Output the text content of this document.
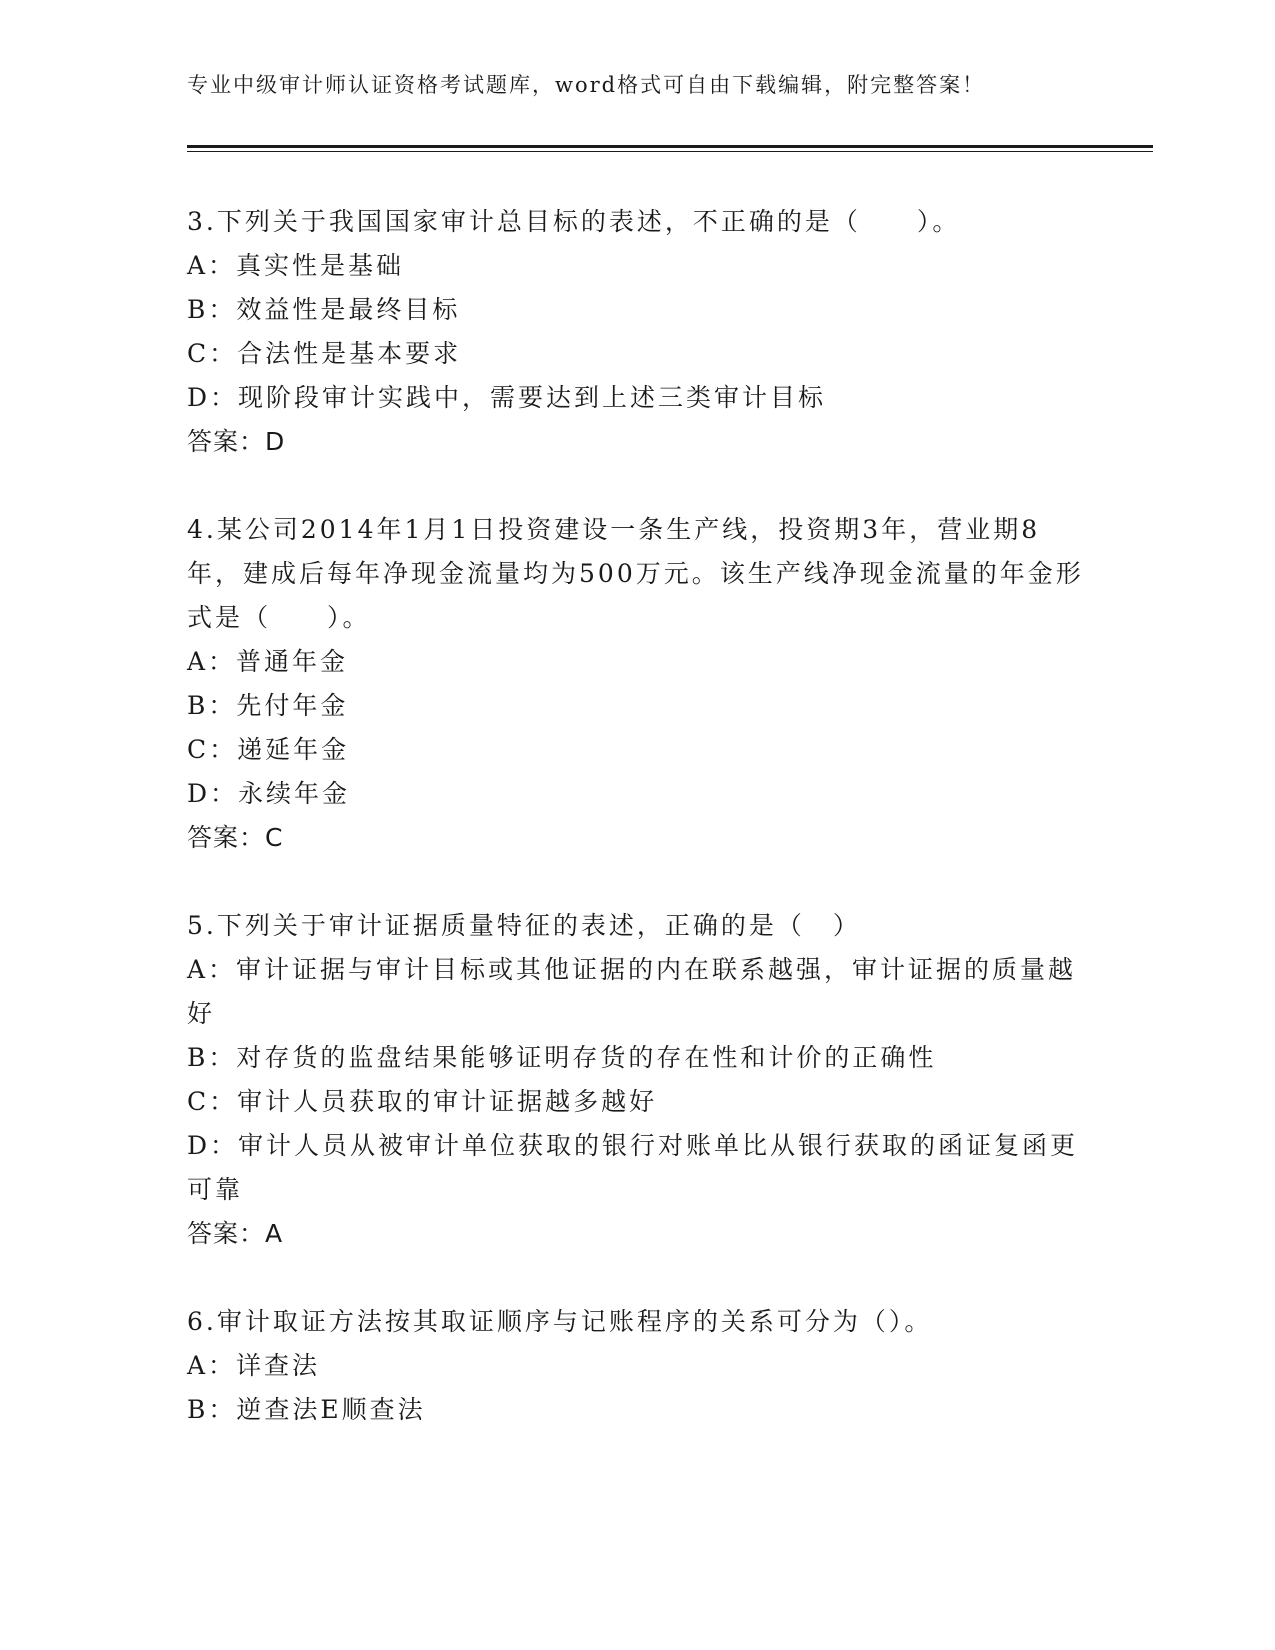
专业中级审计师认证资格考试题库，word格式可自由下载编辑，附完整答案！

3.下列关于我国国家审计总目标的表述，不正确的是（　　）。

A：真实性是基础

B：效益性是最终目标

C：合法性是基本要求

D：现阶段审计实践中，需要达到上述三类审计目标

答案：D

4.某公司2014年1月1日投资建设一条生产线，投资期3年，营业期8年，建成后每年净现金流量均为500万元。该生产线净现金流量的年金形式是（　　）。

A：普通年金

B：先付年金

C：递延年金

D：永续年金

答案：C

5.下列关于审计证据质量特征的表述，正确的是（　）

A：审计证据与审计目标或其他证据的内在联系越强，审计证据的质量越好

B：对存货的监盘结果能够证明存货的存在性和计价的正确性

C：审计人员获取的审计证据越多越好

D：审计人员从被审计单位获取的银行对账单比从银行获取的函证复函更可靠

答案：A

6.审计取证方法按其取证顺序与记账程序的关系可分为（）。

A：详查法

B：逆查法E顺查法
